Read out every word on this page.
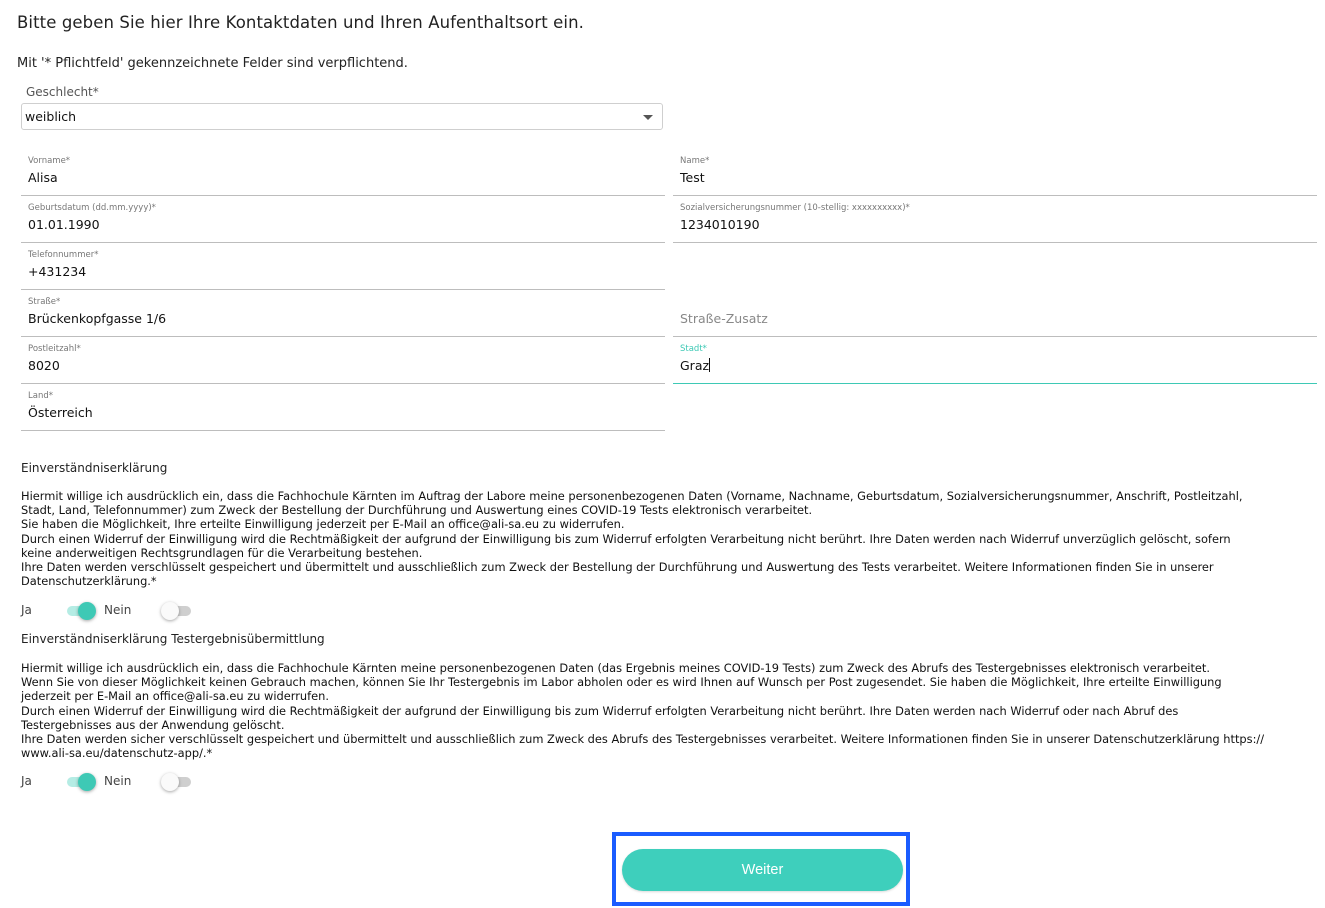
Bitte geben Sie hier Ihre Kontaktdaten und Ihren Aufenthaltsort ein.
Mit '* Pflichtfeld' gekennzeichnete Felder sind verpflichtend.
Geschlecht*
weiblich
Vorname*
Alisa
Name*
Test
Geburtsdatum (dd.mm.yyyy)*
01.01.1990
Sozialversicherungsnummer (10-stellig: xxxxxxxxxx)*
1234010190
Telefonnummer*
+431234
Straße*
Brückenkopfgasse 1/6	Straße-Zusatz
Postleitzahl*
8020
Stadt*
Graz
Land*
Österreich
Einverständniserklärung

Hiermit willige ich ausdrücklich ein, dass die Fachhochule Kärnten im Auftrag der Labore meine personenbezogenen Daten (Vorname, Nachname, Geburtsdatum, Sozialversicherungsnummer, Anschrift, Postleitzahl,

Stadt, Land, Telefonnummer) zum Zweck der Bestellung der Durchführung und Auswertung eines COVID-19 Tests elektronisch verarbeitet.

Sie haben die Möglichkeit, Ihre erteilte Einwilligung jederzeit per E-Mail an office@ali-sa.eu zu widerrufen.

Durch einen Widerruf der Einwilligung wird die Rechtmäßigkeit der aufgrund der Einwilligung bis zum Widerruf erfolgten Verarbeitung nicht berührt. Ihre Daten werden nach Widerruf unverzüglich gelöscht, sofern

keine anderweitigen Rechtsgrundlagen für die Verarbeitung bestehen.

Ihre Daten werden verschlüsselt gespeichert und übermittelt und ausschließlich zum Zweck der Bestellung der Durchführung und Auswertung des Tests verarbeitet. Weitere Informationen finden Sie in unserer

Datenschutzerklärung.*

Ja	Nein
Einverständniserklärung Testergebnisübermittlung

Hiermit willige ich ausdrücklich ein, dass die Fachhochule Kärnten meine personenbezogenen Daten (das Ergebnis meines COVID-19 Tests) zum Zweck des Abrufs des Testergebnisses elektronisch verarbeitet.

Wenn Sie von dieser Möglichkeit keinen Gebrauch machen, können Sie Ihr Testergebnis im Labor abholen oder es wird Ihnen auf Wunsch per Post zugesendet. Sie haben die Möglichkeit, Ihre erteilte Einwilligung

jederzeit per E-Mail an office@ali-sa.eu zu widerrufen.

Durch einen Widerruf der Einwilligung wird die Rechtmäßigkeit der aufgrund der Einwilligung bis zum Widerruf erfolgten Verarbeitung nicht berührt. Ihre Daten werden nach Widerruf oder nach Abruf des

Testergebnisses aus der Anwendung gelöscht.

Ihre Daten werden sicher verschlüsselt gespeichert und übermittelt und ausschließlich zum Zweck des Abrufs des Testergebnisses verarbeitet. Weitere Informationen finden Sie in unserer Datenschutzerklärung https://

www.ali-sa.eu/datenschutz-app/.*

Ja	Nein
Weiter
